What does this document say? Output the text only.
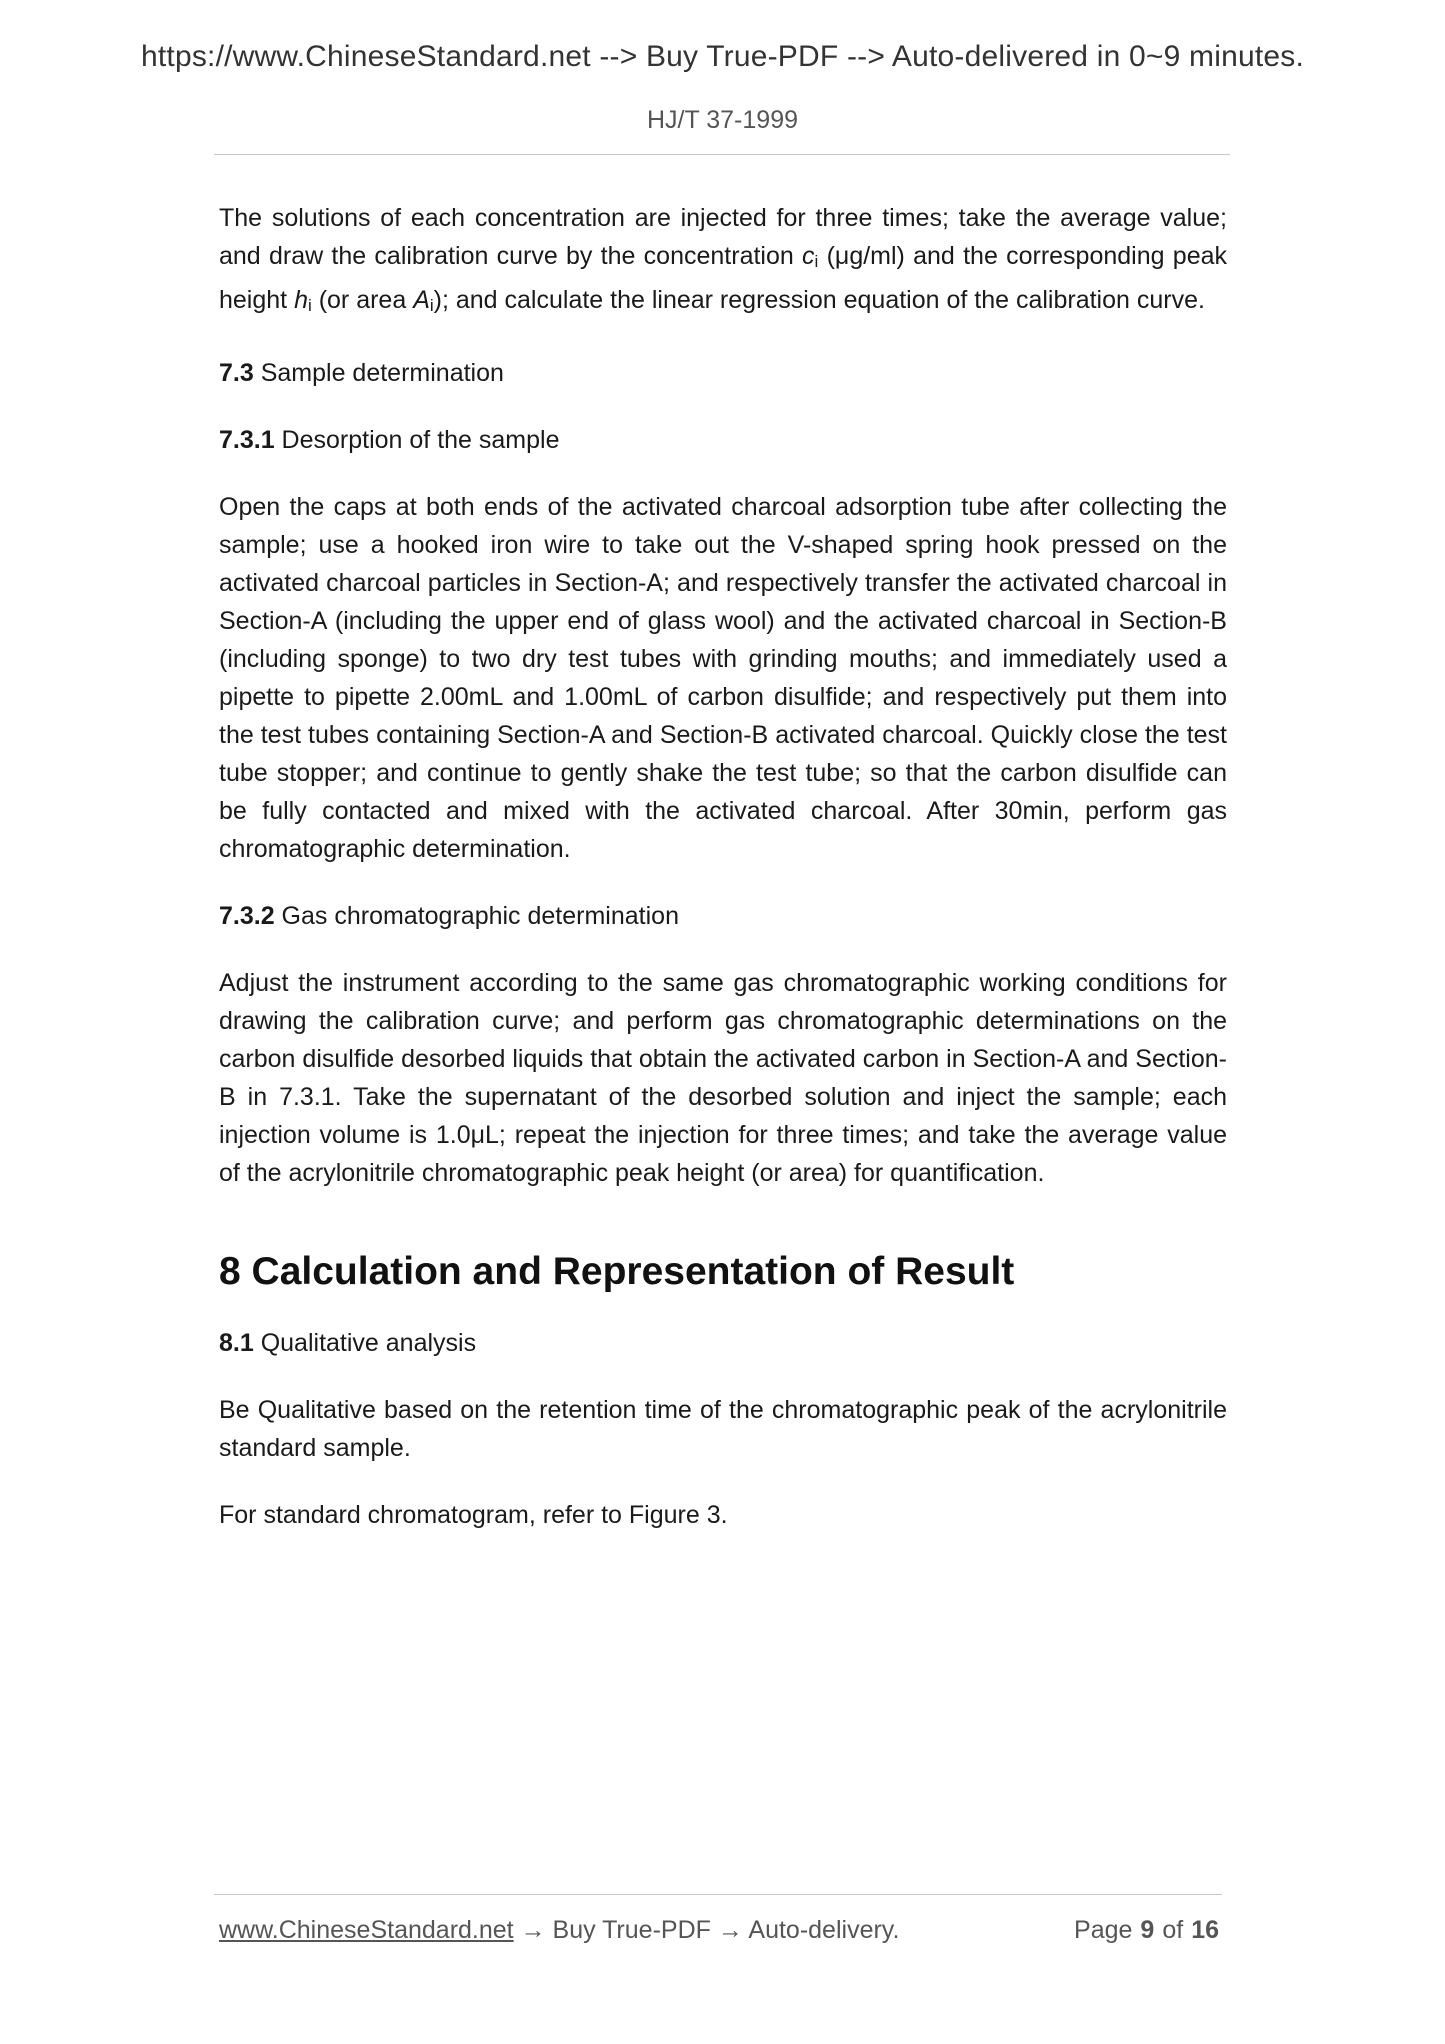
https://www.ChineseStandard.net --> Buy True-PDF --> Auto-delivered in 0~9 minutes.
HJ/T 37-1999

The solutions of each concentration are injected for three times; take the average value; and draw the calibration curve by the concentration ci (μg/ml) and the corresponding peak height hi (or area Ai); and calculate the linear regression equation of the calibration curve.

7.3 Sample determination

7.3.1 Desorption of the sample

Open the caps at both ends of the activated charcoal adsorption tube after collecting the sample; use a hooked iron wire to take out the V-shaped spring hook pressed on the activated charcoal particles in Section-A; and respectively transfer the activated charcoal in Section-A (including the upper end of glass wool) and the activated charcoal in Section-B (including sponge) to two dry test tubes with grinding mouths; and immediately used a pipette to pipette 2.00mL and 1.00mL of carbon disulfide; and respectively put them into the test tubes containing Section-A and Section-B activated charcoal. Quickly close the test tube stopper; and continue to gently shake the test tube; so that the carbon disulfide can be fully contacted and mixed with the activated charcoal. After 30min, perform gas chromatographic determination.

7.3.2 Gas chromatographic determination

Adjust the instrument according to the same gas chromatographic working conditions for drawing the calibration curve; and perform gas chromatographic determinations on the carbon disulfide desorbed liquids that obtain the activated carbon in Section-A and Section-B in 7.3.1. Take the supernatant of the desorbed solution and inject the sample; each injection volume is 1.0μL; repeat the injection for three times; and take the average value of the acrylonitrile chromatographic peak height (or area) for quantification.

8 Calculation and Representation of Result

8.1 Qualitative analysis

Be Qualitative based on the retention time of the chromatographic peak of the acrylonitrile standard sample.

For standard chromatogram, refer to Figure 3.

www.ChineseStandard.net → Buy True-PDF → Auto-delivery.	Page 9 of 16
